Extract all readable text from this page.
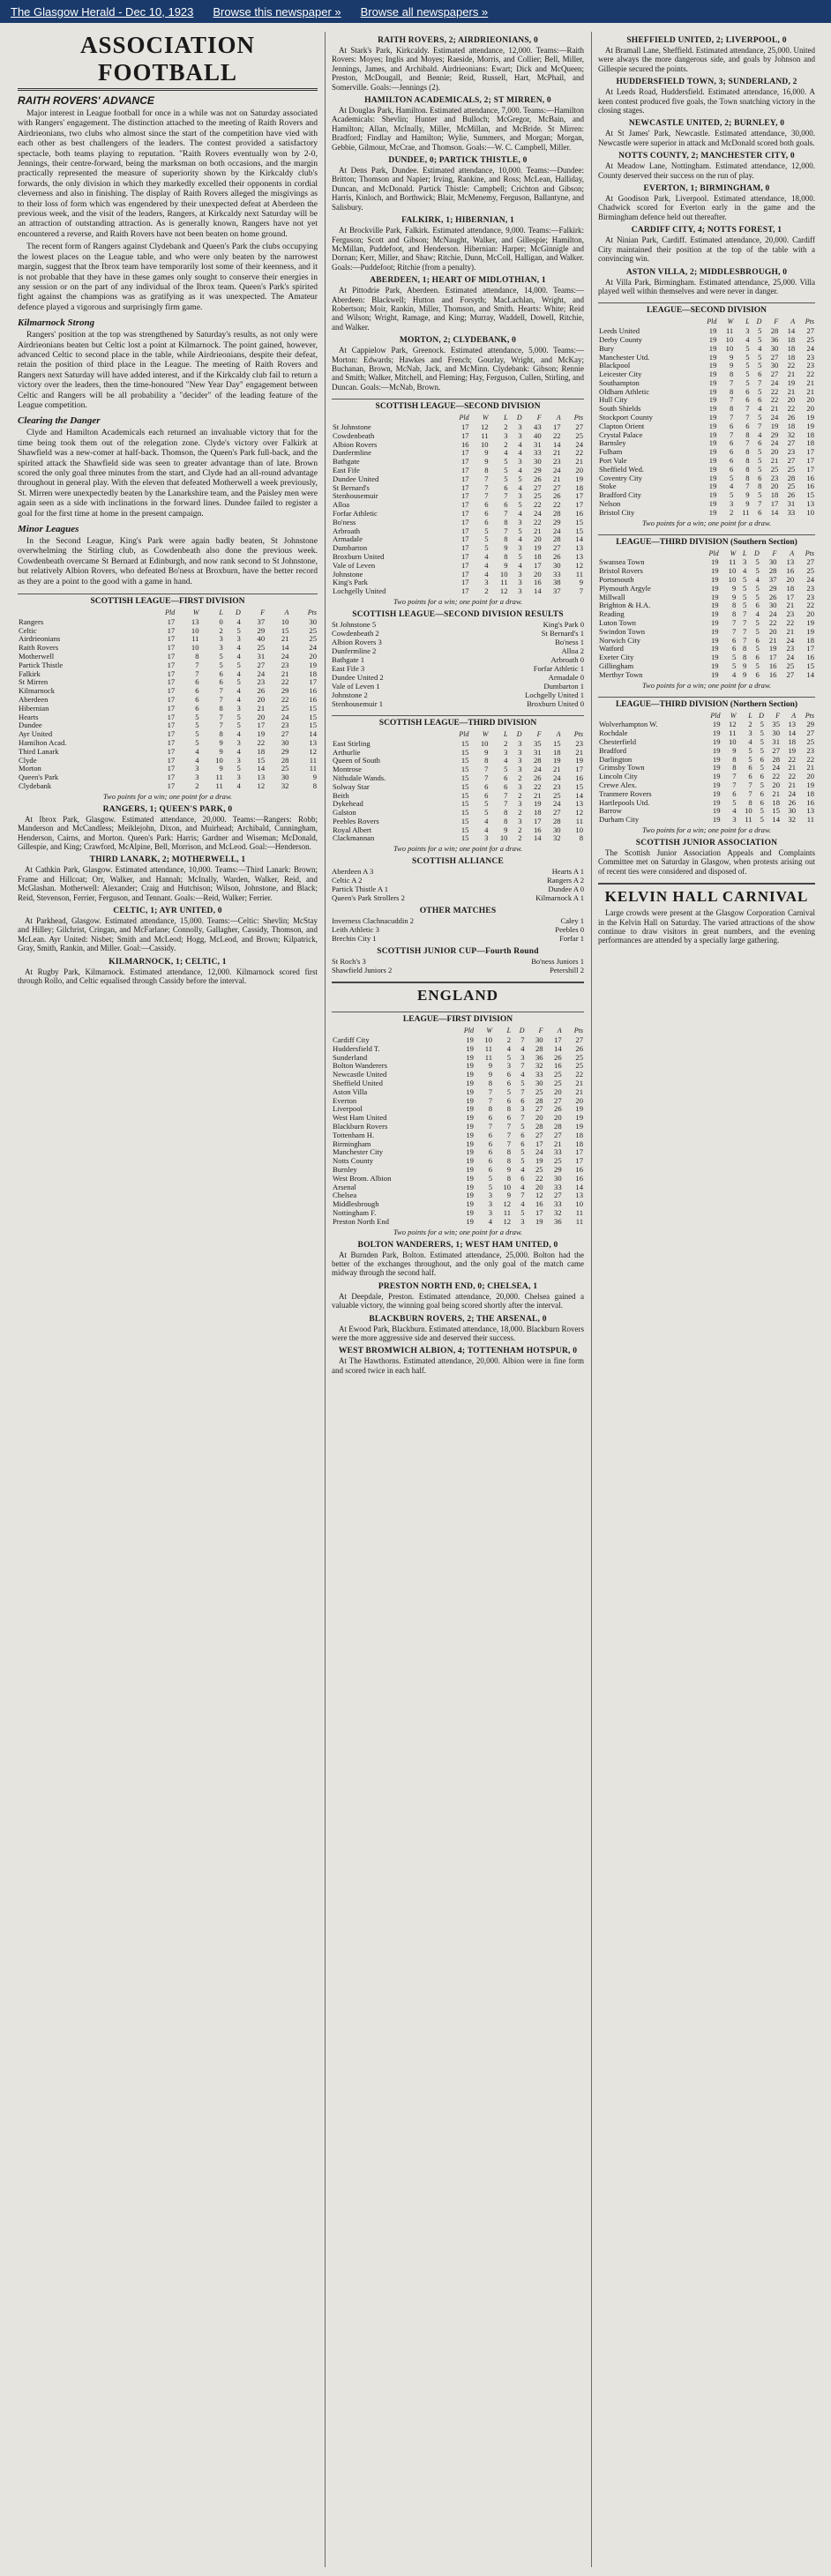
The Glasgow Herald - Dec 10, 1923 Browse this newspaper » Browse all newspapers »
ASSOCIATION FOOTBALL
RAITH ROVERS' ADVANCE

Major interest in League football for once in a while was not on Saturday associated with Rangers' engagement. The distinction attached to the meeting of Raith Rovers and Airdrieonians, two clubs who almost since the start of the competition have vied with each other as best challengers of the leaders. The contest provided a satisfactory spectacle, both teams playing to reputation. "Raith Rovers eventually won by 2-0, Jennings, their centre-forward, being the marksman on both occasions, and the margin practically represented the measure of superiority shown by the Kirkcaldy club's forwards, the only division in which they markedly excelled their opponents in cordial cleverness and also in finishing. The display of Raith Rovers alleged the misgivings as to their loss of form which was engendered by their unexpected defeat at Aberdeen the previous week, and the visit of the leaders, Rangers, at Kirkcaldy next Saturday will be an attraction of outstanding attraction. As is generally known, Rangers have not yet encountered a reverse, and Raith Rovers have not been beaten on home ground.

The recent form of Rangers against Clydebank and Queen's Park the clubs occupying the lowest places on the League table, and who were only beaten by the narrowest margin, suggest that the Ibrox team have temporarily lost some of their keenness, and it is not probable that they have in these games only sought to conserve their energies in any session or on the part of any individual of the Ibrox team. Queen's Park's spirited fight against the champions was as gratifying as it was unexpected. The Amateur defence played a vigorous and surprisingly firm game.

Kilmarnock Strong

Rangers' position at the top was strengthened by Saturday's results, as not only were Airdrieonians beaten but Celtic lost a point at Kilmarnock. The point gained, however, advanced Celtic to second place in the table, while Airdrieonians, despite their defeat, retain the position of third place in the League. The meeting of Raith Rovers and Rangers next Saturday will have added interest, and if the Kirkcaldy club fail to return a victory over the leaders, then the time-honoured "New Year Day" engagement between Celtic and Rangers will be all probability a "decider" of the leading feature of the League competition.

Clearing the Danger

Clyde and Hamilton Academicals each returned an invaluable victory that for the time being took them out of the relegation zone. Clyde's victory over Falkirk at Shawfield was a new-comer at half-back. Thomson, the Queen's Park full-back, and the spirited attack the Shawfield side was seen to greater advantage than of late. Brown scored the only goal three minutes from the start, and Clyde had an all-round advantage throughout in general play. With the eleven that defeated Motherwell a week previously, St. Mirren were unexpectedly beaten by the Lanarkshire team, and the Paisley men were again seen as a side with inclinations in the forward lines. Dundee failed to register a goal for the first time at home in the present campaign.

Minor Leagues

In the Second League, King's Park were again badly beaten, St Johnstone overwhelming the Stirling club, as Cowdenbeath also done the previous week. Cowdenbeath overcame St Bernard at Edinburgh, and now rank second to St Johnstone, but relatively Albion Rovers, who defeated Bo'ness at Broxburn, have the better record as they are a point to the good with a game in hand.

SCOTTISH LEAGUE—FIRST DIVISION
	Pld	W	L	D	F	A	Pts
Rangers	17	13	0	4	37	10	30
Celtic	17	10	2	5	29	15	25
Airdrieonians	17	11	3	3	40	21	25
Raith Rovers	17	10	3	4	25	14	24
Motherwell	17	8	5	4	31	24	20
Partick Thistle	17	7	5	5	27	23	19
Falkirk	17	7	6	4	24	21	18
St Mirren	17	6	6	5	23	22	17
Kilmarnock	17	6	7	4	26	29	16
Aberdeen	17	6	7	4	20	22	16
Hibernian	17	6	8	3	21	25	15
Hearts	17	5	7	5	20	24	15
Dundee	17	5	7	5	17	23	15
Ayr United	17	5	8	4	19	27	14
Hamilton Acad.	17	5	9	3	22	30	13
Third Lanark	17	4	9	4	18	29	12
Clyde	17	4	10	3	15	28	11
Morton	17	3	9	5	14	25	11
Queen's Park	17	3	11	3	13	30	9
Clydebank	17	2	11	4	12	32	8
Two points for a win; one point for a draw.
RANGERS, 1; QUEEN'S PARK, 0

At Ibrox Park, Glasgow. Estimated attendance, 20,000. Teams:—Rangers: Robb; Manderson and McCandless; Meiklejohn, Dixon, and Muirhead; Archibald, Cunningham, Henderson, Cairns, and Morton. Queen's Park: Harris; Gardner and Wiseman; McDonald, Gillespie, and King; Crawford, McAlpine, Bell, Morrison, and McLeod. Goal:—Henderson.

THIRD LANARK, 2; MOTHERWELL, 1

At Cathkin Park, Glasgow. Estimated attendance, 10,000. Teams:—Third Lanark: Brown; Frame and Hillcoat; Orr, Walker, and Hannah; McInally, Warden, Walker, Reid, and McGlashan. Motherwell: Alexander; Craig and Hutchison; Wilson, Johnstone, and Black; Reid, Stevenson, Ferrier, Ferguson, and Tennant. Goals:—Reid, Walker; Ferrier.

CELTIC, 1; AYR UNITED, 0

At Parkhead, Glasgow. Estimated attendance, 15,000. Teams:—Celtic: Shevlin; McStay and Hilley; Gilchrist, Cringan, and McFarlane; Connolly, Gallagher, Cassidy, Thomson, and McLean. Ayr United: Nisbet; Smith and McLeod; Hogg, McLeod, and Brown; Kilpatrick, Gray, Smith, Rankin, and Miller. Goal:—Cassidy.

KILMARNOCK, 1; CELTIC, 1

At Rugby Park, Kilmarnock. Estimated attendance, 12,000. Kilmarnock scored first through Rollo, and Celtic equalised through Cassidy before the interval.

RAITH ROVERS, 2; AIRDRIEONIANS, 0

At Stark's Park, Kirkcaldy. Estimated attendance, 12,000. Teams:—Raith Rovers: Moyes; Inglis and Moyes; Raeside, Morris, and Collier; Bell, Miller, Jennings, James, and Archibald. Airdrieonians: Ewart; Dick and McQueen; Preston, McDougall, and Bennie; Reid, Russell, Hart, McPhail, and Somerville. Goals:—Jennings (2).

HAMILTON ACADEMICALS, 2; ST MIRREN, 0

At Douglas Park, Hamilton. Estimated attendance, 7,000. Teams:—Hamilton Academicals: Shevlin; Hunter and Bulloch; McGregor, McBain, and Hamilton; Allan, McInally, Miller, McMillan, and McBride. St Mirren: Bradford; Findlay and Hamilton; Wylie, Summers, and Morgan; Morgan, Gebbie, Gilmour, McCrae, and Thomson. Goals:—W. C. Campbell, Miller.

DUNDEE, 0; PARTICK THISTLE, 0

At Dens Park, Dundee. Estimated attendance, 10,000. Teams:—Dundee: Britton; Thomson and Napier; Irving, Rankine, and Ross; McLean, Halliday, Duncan, and McDonald. Partick Thistle: Campbell; Crichton and Gibson; Harris, Kinloch, and Borthwick; Blair, McMenemy, Ferguson, Ballantyne, and Salisbury.

FALKIRK, 1; HIBERNIAN, 1

At Brockville Park, Falkirk. Estimated attendance, 9,000. Teams:—Falkirk: Ferguson; Scott and Gibson; McNaught, Walker, and Gillespie; Hamilton, McMillan, Puddefoot, and Henderson. Hibernian: Harper; McGinnigle and Dornan; Kerr, Miller, and Shaw; Ritchie, Dunn, McColl, Halligan, and Walker. Goals:—Puddefoot; Ritchie (from a penalty).

ABERDEEN, 1; HEART OF MIDLOTHIAN, 1

At Pittodrie Park, Aberdeen. Estimated attendance, 14,000. Teams:—Aberdeen: Blackwell; Hutton and Forsyth; MacLachlan, Wright, and Robertson; Moir, Rankin, Miller, Thomson, and Smith. Hearts: White; Reid and Wilson; Wright, Ramage, and King; Murray, Waddell, Dowell, Ritchie, and Walker.

MORTON, 2; CLYDEBANK, 0

At Cappielow Park, Greenock. Estimated attendance, 5,000. Teams:—Morton: Edwards; Hawkes and French; Gourlay, Wright, and McKay; Buchanan, Brown, McNab, Jack, and McMinn. Clydebank: Gibson; Rennie and Smith; Walker, Mitchell, and Fleming; Hay, Ferguson, Cullen, Stirling, and Duncan. Goals:—McNab, Brown.

SCOTTISH LEAGUE—SECOND DIVISION
	Pld	W	L	D	F	A	Pts
St Johnstone	17	12	2	3	43	17	27
Cowdenbeath	17	11	3	3	40	22	25
Albion Rovers	16	10	2	4	31	14	24
Dunfermline	17	9	4	4	33	21	22
Bathgate	17	9	5	3	30	23	21
East Fife	17	8	5	4	29	24	20
Dundee United	17	7	5	5	26	21	19
St Bernard's	17	7	6	4	27	27	18
Stenhousemuir	17	7	7	3	25	26	17
Alloa	17	6	6	5	22	22	17
Forfar Athletic	17	6	7	4	24	28	16
Bo'ness	17	6	8	3	22	29	15
Arbroath	17	5	7	5	21	24	15
Armadale	17	5	8	4	20	28	14
Dumbarton	17	5	9	3	19	27	13
Broxburn United	17	4	8	5	18	26	13
Vale of Leven	17	4	9	4	17	30	12
Johnstone	17	4	10	3	20	33	11
King's Park	17	3	11	3	16	38	9
Lochgelly United	17	2	12	3	14	37	7
Two points for a win; one point for a draw.
SCOTTISH LEAGUE—SECOND DIVISION RESULTS
St Johnstone 5	King's Park 0
Cowdenbeath 2	St Bernard's 1
Albion Rovers 3	Bo'ness 1
Dunfermline 2	Alloa 2
Bathgate 1	Arbroath 0
East Fife 3	Forfar Athletic 1
Dundee United 2	Armadale 0
Vale of Leven 1	Dumbarton 1
Johnstone 2	Lochgelly United 1
Stenhousemuir 1	Broxburn United 0
SCOTTISH LEAGUE—THIRD DIVISION
	Pld	W	L	D	F	A	Pts
East Stirling	15	10	2	3	35	15	23
Arthurlie	15	9	3	3	31	18	21
Queen of South	15	8	4	3	28	19	19
Montrose	15	7	5	3	24	21	17
Nithsdale Wands.	15	7	6	2	26	24	16
Solway Star	15	6	6	3	22	23	15
Beith	15	6	7	2	21	25	14
Dykehead	15	5	7	3	19	24	13
Galston	15	5	8	2	18	27	12
Peebles Rovers	15	4	8	3	17	28	11
Royal Albert	15	4	9	2	16	30	10
Clackmannan	15	3	10	2	14	32	8
Two points for a win; one point for a draw.
SCOTTISH ALLIANCE
Aberdeen A 3	Hearts A 1
Celtic A 2	Rangers A 2
Partick Thistle A 1	Dundee A 0
Queen's Park Strollers 2	Kilmarnock A 1
OTHER MATCHES
Inverness Clachnacuddin 2	Caley 1
Leith Athletic 3	Peebles 0
Brechin City 1	Forfar 1
SCOTTISH JUNIOR CUP—Fourth Round
St Roch's 3	Bo'ness Juniors 1
Shawfield Juniors 2	Petershill 2
ENGLAND
LEAGUE—FIRST DIVISION
	Pld	W	L	D	F	A	Pts
Cardiff City	19	10	2	7	30	17	27
Huddersfield T.	19	11	4	4	28	14	26
Sunderland	19	11	5	3	36	26	25
Bolton Wanderers	19	9	3	7	32	16	25
Newcastle United	19	9	6	4	33	25	22
Sheffield United	19	8	6	5	30	25	21
Aston Villa	19	7	5	7	25	20	21
Everton	19	7	6	6	28	27	20
Liverpool	19	8	8	3	27	26	19
West Ham United	19	6	6	7	20	20	19
Blackburn Rovers	19	7	7	5	28	28	19
Tottenham H.	19	6	7	6	27	27	18
Birmingham	19	6	7	6	17	21	18
Manchester City	19	6	8	5	24	33	17
Notts County	19	6	8	5	19	25	17
Burnley	19	6	9	4	25	29	16
West Brom. Albion	19	5	8	6	22	30	16
Arsenal	19	5	10	4	20	33	14
Chelsea	19	3	9	7	12	27	13
Middlesbrough	19	3	12	4	16	33	10
Nottingham F.	19	3	11	5	17	32	11
Preston North End	19	4	12	3	19	36	11
Two points for a win; one point for a draw.
BOLTON WANDERERS, 1; WEST HAM UNITED, 0

At Burnden Park, Bolton. Estimated attendance, 25,000. Bolton had the better of the exchanges throughout, and the only goal of the match came midway through the second half.

PRESTON NORTH END, 0; CHELSEA, 1

At Deepdale, Preston. Estimated attendance, 20,000. Chelsea gained a valuable victory, the winning goal being scored shortly after the interval.

BLACKBURN ROVERS, 2; THE ARSENAL, 0

At Ewood Park, Blackburn. Estimated attendance, 18,000. Blackburn Rovers were the more aggressive side and deserved their success.

WEST BROMWICH ALBION, 4; TOTTENHAM HOTSPUR, 0

At The Hawthorns. Estimated attendance, 20,000. Albion were in fine form and scored twice in each half.

SHEFFIELD UNITED, 2; LIVERPOOL, 0

At Bramall Lane, Sheffield. Estimated attendance, 25,000. United were always the more dangerous side, and goals by Johnson and Gillespie secured the points.

HUDDERSFIELD TOWN, 3; SUNDERLAND, 2

At Leeds Road, Huddersfield. Estimated attendance, 16,000. A keen contest produced five goals, the Town snatching victory in the closing stages.

NEWCASTLE UNITED, 2; BURNLEY, 0

At St James' Park, Newcastle. Estimated attendance, 30,000. Newcastle were superior in attack and McDonald scored both goals.

NOTTS COUNTY, 2; MANCHESTER CITY, 0

At Meadow Lane, Nottingham. Estimated attendance, 12,000. County deserved their success on the run of play.

EVERTON, 1; BIRMINGHAM, 0

At Goodison Park, Liverpool. Estimated attendance, 18,000. Chadwick scored for Everton early in the game and the Birmingham defence held out thereafter.

CARDIFF CITY, 4; NOTTS FOREST, 1

At Ninian Park, Cardiff. Estimated attendance, 20,000. Cardiff City maintained their position at the top of the table with a convincing win.

ASTON VILLA, 2; MIDDLESBROUGH, 0

At Villa Park, Birmingham. Estimated attendance, 25,000. Villa played well within themselves and were never in danger.

LEAGUE—SECOND DIVISION
	Pld	W	L	D	F	A	Pts
Leeds United	19	11	3	5	28	14	27
Derby County	19	10	4	5	36	18	25
Bury	19	10	5	4	30	18	24
Manchester Utd.	19	9	5	5	27	18	23
Blackpool	19	9	5	5	30	22	23
Leicester City	19	8	5	6	27	21	22
Southampton	19	7	5	7	24	19	21
Oldham Athletic	19	8	6	5	22	21	21
Hull City	19	7	6	6	22	20	20
South Shields	19	8	7	4	21	22	20
Stockport County	19	7	7	5	24	26	19
Clapton Orient	19	6	6	7	19	18	19
Crystal Palace	19	7	8	4	29	32	18
Barnsley	19	6	7	6	24	27	18
Fulham	19	6	8	5	20	23	17
Port Vale	19	6	8	5	21	27	17
Sheffield Wed.	19	6	8	5	25	25	17
Coventry City	19	5	8	6	23	28	16
Stoke	19	4	7	8	20	25	16
Bradford City	19	5	9	5	18	26	15
Nelson	19	3	9	7	17	31	13
Bristol City	19	2	11	6	14	33	10
Two points for a win; one point for a draw.
LEAGUE—THIRD DIVISION (Southern Section)
	Pld	W	L	D	F	A	Pts
Swansea Town	19	11	3	5	30	13	27
Bristol Rovers	19	10	4	5	28	16	25
Portsmouth	19	10	5	4	37	20	24
Plymouth Argyle	19	9	5	5	29	18	23
Millwall	19	9	5	5	26	17	23
Brighton & H.A.	19	8	5	6	30	21	22
Reading	19	8	7	4	24	23	20
Luton Town	19	7	7	5	22	22	19
Swindon Town	19	7	7	5	20	21	19
Norwich City	19	6	7	6	21	24	18
Watford	19	6	8	5	19	23	17
Exeter City	19	5	8	6	17	24	16
Gillingham	19	5	9	5	16	25	15
Merthyr Town	19	4	9	6	16	27	14
Two points for a win; one point for a draw.
LEAGUE—THIRD DIVISION (Northern Section)
	Pld	W	L	D	F	A	Pts
Wolverhampton W.	19	12	2	5	35	13	29
Rochdale	19	11	3	5	30	14	27
Chesterfield	19	10	4	5	31	18	25
Bradford	19	9	5	5	27	19	23
Darlington	19	8	5	6	28	22	22
Grimsby Town	19	8	6	5	24	21	21
Lincoln City	19	7	6	6	22	22	20
Crewe Alex.	19	7	7	5	20	21	19
Tranmere Rovers	19	6	7	6	21	24	18
Hartlepools Utd.	19	5	8	6	18	26	16
Barrow	19	4	10	5	15	30	13
Durham City	19	3	11	5	14	32	11
Two points for a win; one point for a draw.
SCOTTISH JUNIOR ASSOCIATION

The Scottish Junior Association Appeals and Complaints Committee met on Saturday in Glasgow, when protests arising out of recent ties were considered and disposed of.

KELVIN HALL CARNIVAL

Large crowds were present at the Glasgow Corporation Carnival in the Kelvin Hall on Saturday. The varied attractions of the show continue to draw visitors in great numbers, and the evening performances are attended by a specially large gathering.
